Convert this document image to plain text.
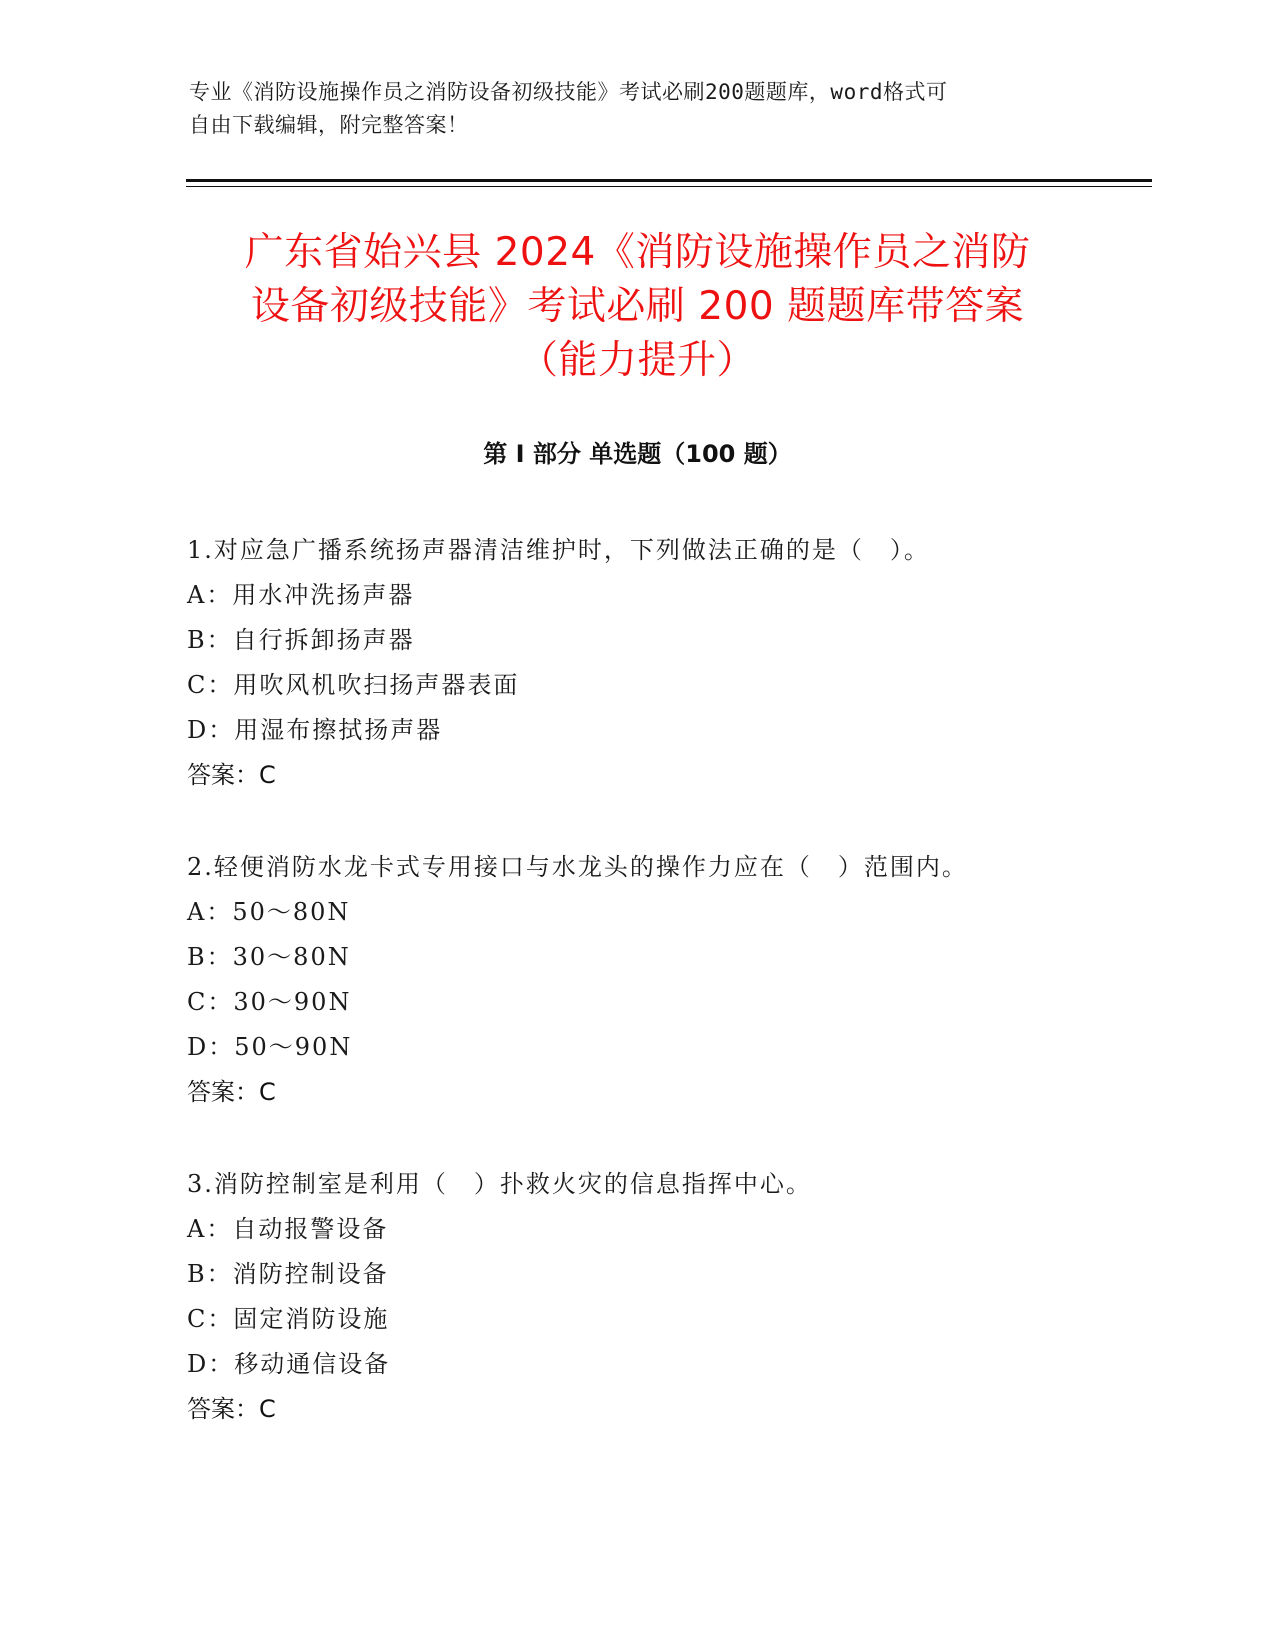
专业《消防设施操作员之消防设备初级技能》考试必刷200题题库，word格式可
自由下载编辑，附完整答案！
广东省始兴县 2024《消防设施操作员之消防
设备初级技能》考试必刷 200 题题库带答案
（能力提升）
第 I 部分 单选题（100 题）
1.对应急广播系统扬声器清洁维护时，下列做法正确的是（　）。
A：用水冲洗扬声器
B：自行拆卸扬声器
C：用吹风机吹扫扬声器表面
D：用湿布擦拭扬声器
答案：C
2.轻便消防水龙卡式专用接口与水龙头的操作力应在（　）范围内。
A：50～80N
B：30～80N
C：30～90N
D：50～90N
答案：C
3.消防控制室是利用（　）扑救火灾的信息指挥中心。
A：自动报警设备
B：消防控制设备
C：固定消防设施
D：移动通信设备
答案：C
